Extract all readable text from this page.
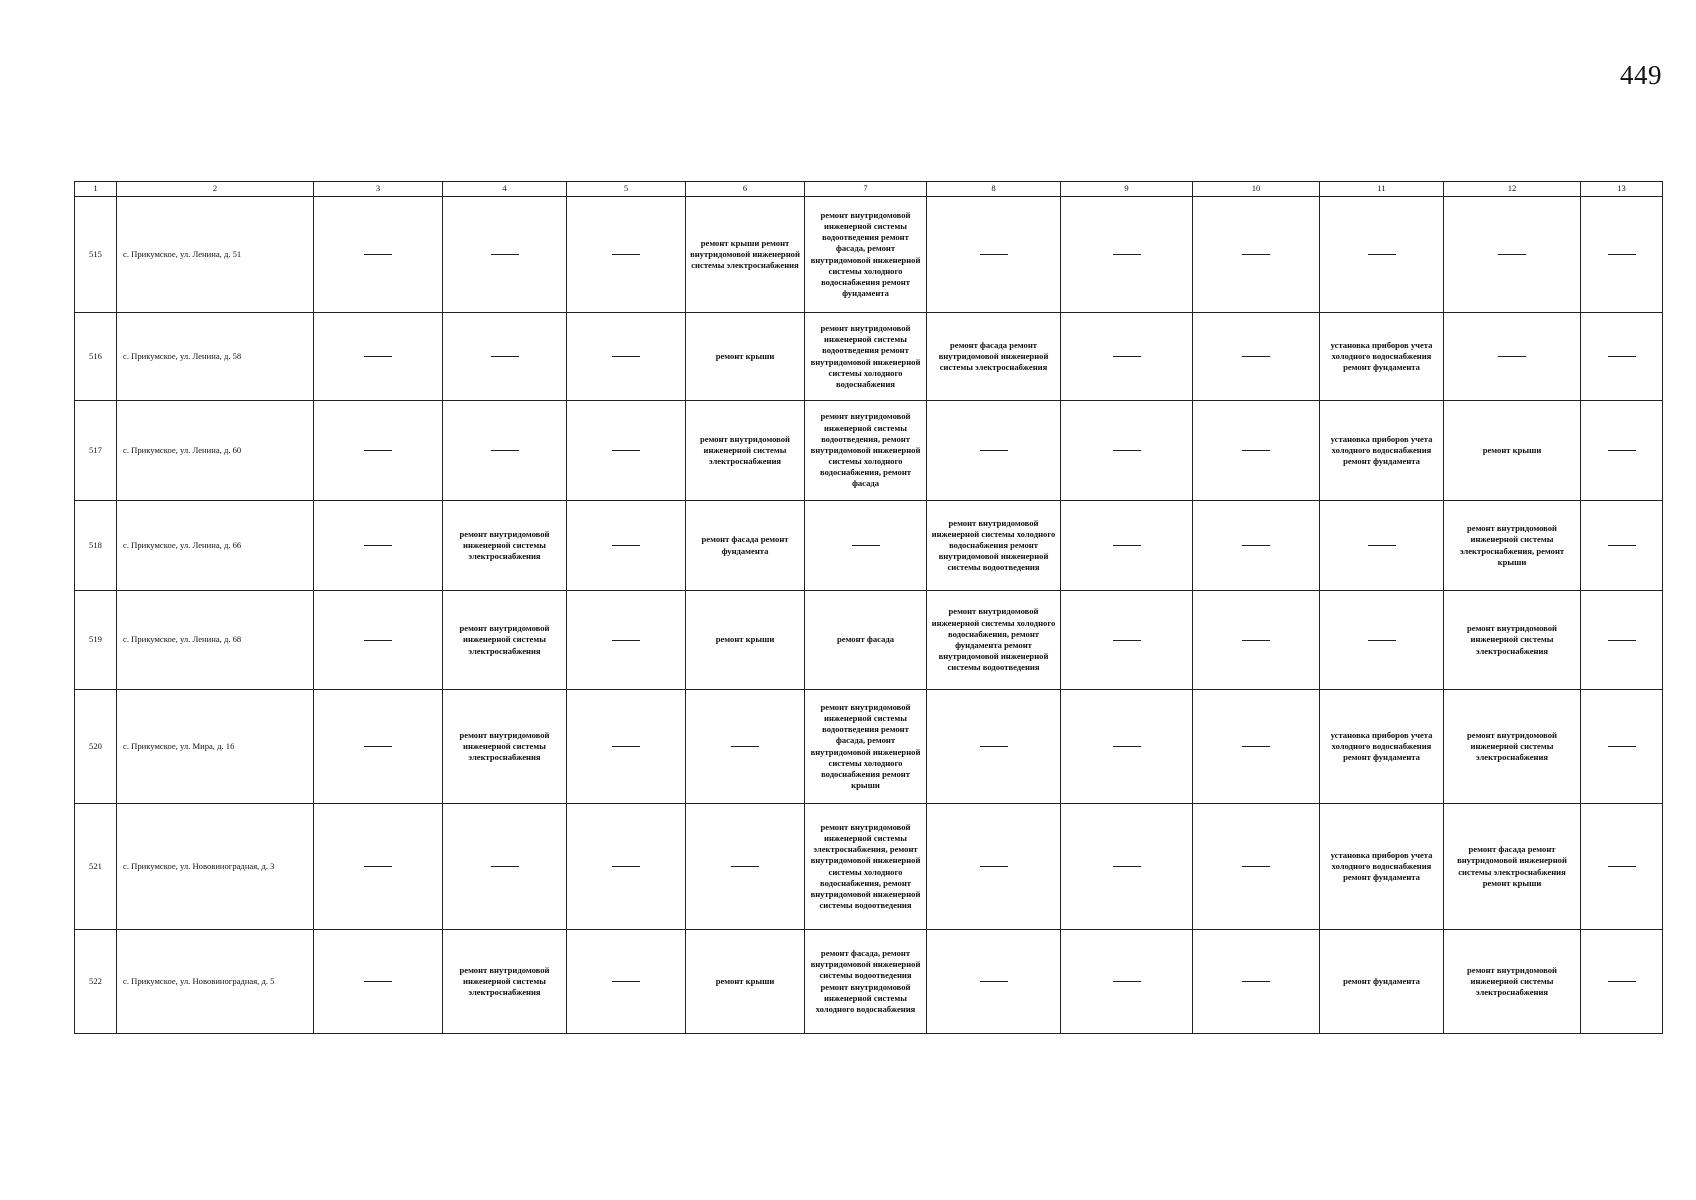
449
1	2	3	4	5	6	7	8	9	10	11	12	13
515	с. Прикумское, ул. Ленина, д. 51				ремонт крыши ремонт внутридомовой инженерной системы электроснабжения	ремонт внутридомовой инженерной системы водоотведения ремонт фасада, ремонт внутридомовой инженерной системы холодного водоснабжения ремонт фундамента						
516	с. Прикумское, ул. Ленина, д. 58				ремонт крыши	ремонт внутридомовой инженерной системы водоотведения ремонт внутридомовой инженерной системы холодного водоснабжения	ремонт фасада ремонт внутридомовой инженерной системы электроснабжения			установка приборов учета холодного водоснабжения ремонт фундамента		
517	с. Прикумское, ул. Ленина, д. 60				ремонт внутридомовой инженерной системы электроснабжения	ремонт внутридомовой инженерной системы водоотведения, ремонт внутридомовой инженерной системы холодного водоснабжения, ремонт фасада				установка приборов учета холодного водоснабжения ремонт фундамента	ремонт крыши	
518	с. Прикумское, ул. Ленина, д. 66		ремонт внутридомовой инженерной системы электроснабжения		ремонт фасада ремонт фундамента		ремонт внутридомовой инженерной системы холодного водоснабжения ремонт внутридомовой инженерной системы водоотведения				ремонт внутридомовой инженерной системы электроснабжения, ремонт крыши	
519	с. Прикумское, ул. Ленина, д. 68		ремонт внутридомовой инженерной системы электроснабжения		ремонт крыши	ремонт фасада	ремонт внутридомовой инженерной системы холодного водоснабжения, ремонт фундамента ремонт внутридомовой инженерной системы водоотведения				ремонт внутридомовой инженерной системы электроснабжения	
520	с. Прикумское, ул. Мира, д. 16		ремонт внутридомовой инженерной системы электроснабжения			ремонт внутридомовой инженерной системы водоотведения ремонт фасада, ремонт внутридомовой инженерной системы холодного водоснабжения ремонт крыши				установка приборов учета холодного водоснабжения ремонт фундамента	ремонт внутридомовой инженерной системы электроснабжения	
521	с. Прикумское, ул. Нововиноградная, д. 3					ремонт внутридомовой инженерной системы электроснабжения, ремонт внутридомовой инженерной системы холодного водоснабжения, ремонт внутридомовой инженерной системы водоотведения				установка приборов учета холодного водоснабжения ремонт фундамента	ремонт фасада ремонт внутридомовой инженерной системы электроснабжения ремонт крыши	
522	с. Прикумское, ул. Нововиноградная, д. 5		ремонт внутридомовой инженерной системы электроснабжения		ремонт крыши	ремонт фасада, ремонт внутридомовой инженерной системы водоотведения ремонт внутридомовой инженерной системы холодного водоснабжения				ремонт фундамента	ремонт внутридомовой инженерной системы электроснабжения	
